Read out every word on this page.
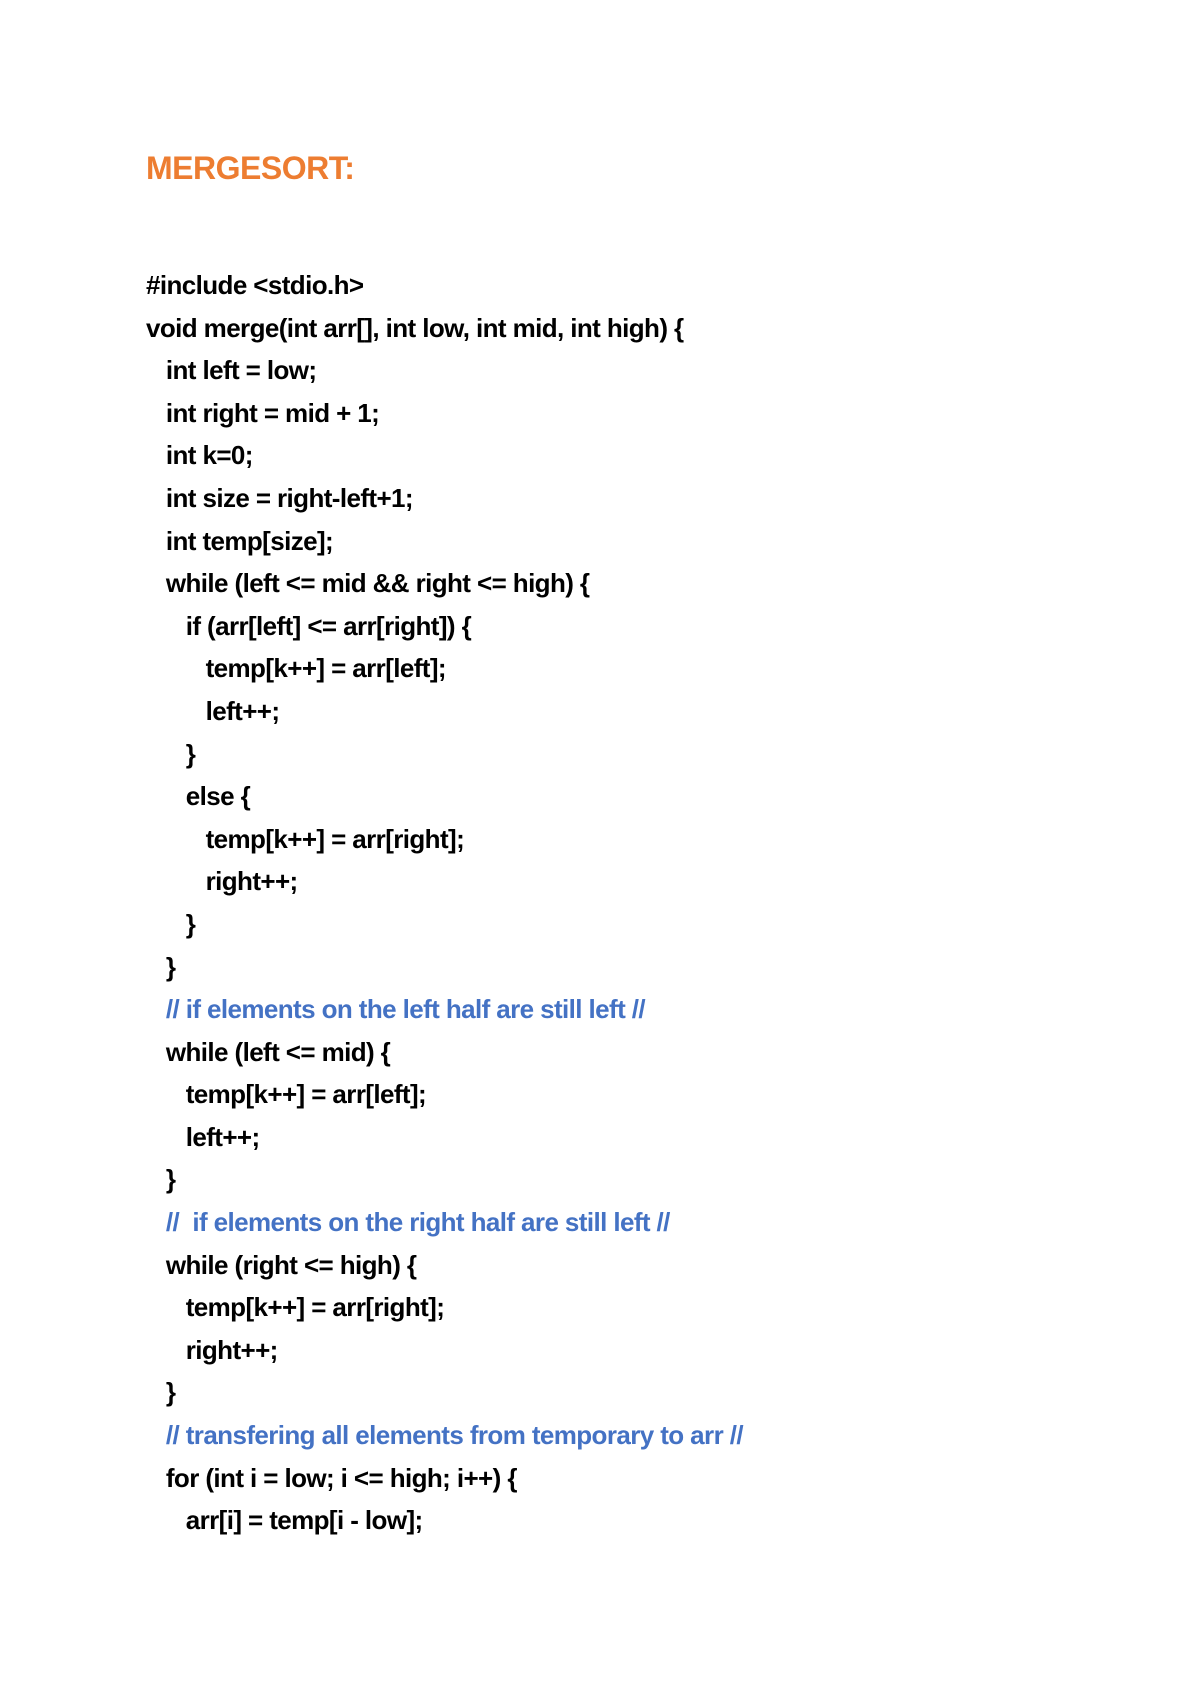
MERGESORT:
#include <stdio.h>
void merge(int arr[], int low, int mid, int high) {
int left = low;
int right = mid + 1;
int k=0;
int size = right-left+1;
int temp[size];
while (left <= mid && right <= high) {
if (arr[left] <= arr[right]) {
temp[k++] = arr[left];
left++;
}
else {
temp[k++] = arr[right];
right++;
}
}
// if elements on the left half are still left //
while (left <= mid) {
temp[k++] = arr[left];
left++;
}
//  if elements on the right half are still left //
while (right <= high) {
temp[k++] = arr[right];
right++;
}
// transfering all elements from temporary to arr //
for (int i = low; i <= high; i++) {
arr[i] = temp[i - low];
